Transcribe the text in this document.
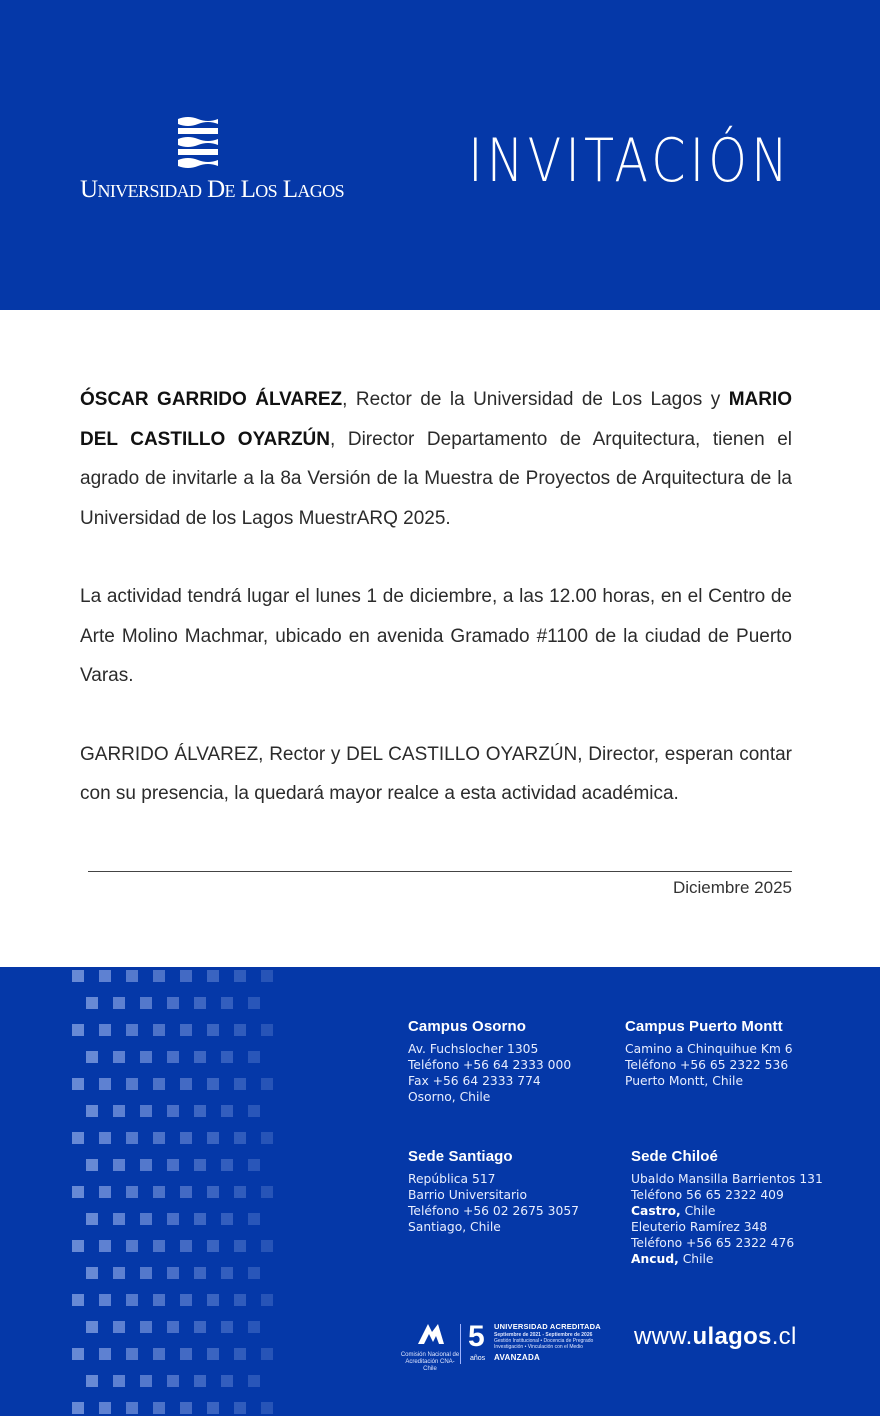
Universidad De Los Lagos INVITACIÓN

ÓSCAR GARRIDO ÁLVAREZ, Rector de la Universidad de Los Lagos y MARIO DEL CASTILLO OYARZÚN, Director Departamento de Arquitectura, tienen el agrado de invitarle a la 8a Versión de la Muestra de Proyectos de Arquitectura de la Universidad de los Lagos MuestrARQ 2025.

La actividad tendrá lugar el lunes 1 de diciembre, a las 12.00 horas, en el Centro de Arte Molino Machmar, ubicado en avenida Gramado #1100 de la ciudad de Puerto Varas.

GARRIDO ÁLVAREZ, Rector y DEL CASTILLO OYARZÚN, Director, esperan contar con su presencia, la quedará mayor realce a esta actividad académica.

Diciembre 2025
Campus Osorno
Av. Fuchslocher 1305
Teléfono +56 64 2333 000
Fax +56 64 2333 774
Osorno, Chile
Campus Puerto Montt
Camino a Chinquihue Km 6
Teléfono +56 65 2322 536
Puerto Montt, Chile
Sede Santiago
República 517
Barrio Universitario
Teléfono +56 02 2675 3057
Santiago, Chile
Sede Chiloé
Ubaldo Mansilla Barrientos 131
Teléfono 56 65 2322 409
Castro, Chile
Eleuterio Ramírez 348
Teléfono +56 65 2322 476
Ancud, Chile
Comisión Nacional de Acreditación CNA-Chile
5
años
UNIVERSIDAD ACREDITADA
Septiembre de 2021 - Septiembre de 2026
Gestión Institucional • Docencia de Pregrado
Investigación • Vinculación con el Medio
AVANZADA
www.ulagos.cl
